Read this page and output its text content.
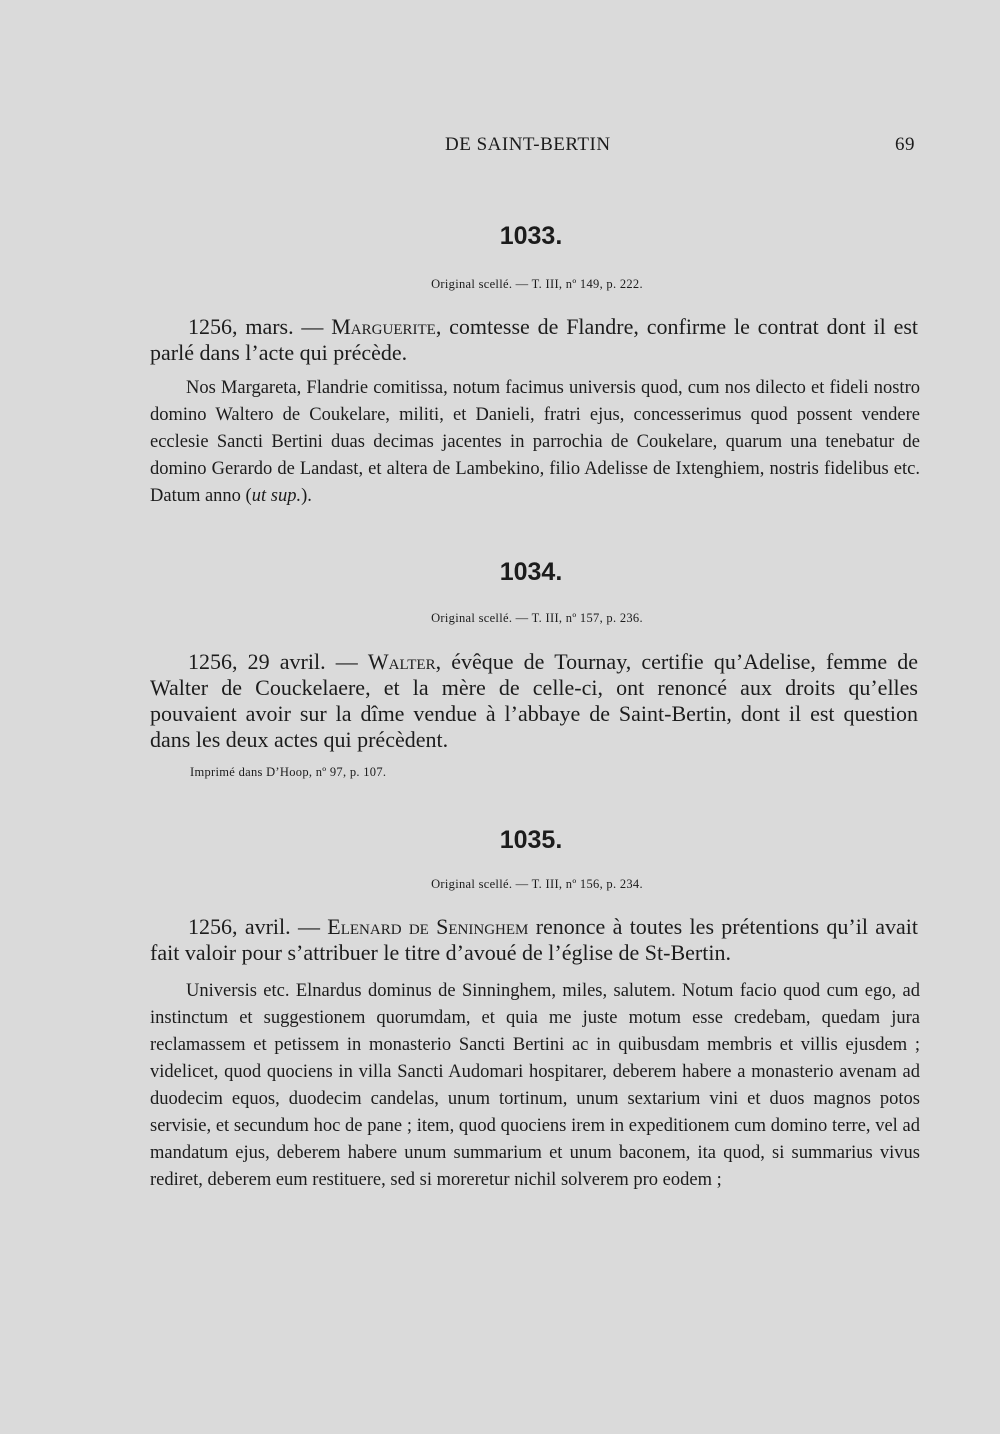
DE SAINT-BERTIN	69
1033.
Original scellé. — T. III, nº 149, p. 222.
1256, mars. — Marguerite, comtesse de Flandre, confirme le contrat dont il est parlé dans l’acte qui précède.
Nos Margareta, Flandrie comitissa, notum facimus universis quod, cum nos dilecto et fideli nostro domino Waltero de Coukelare, militi, et Danieli, fratri ejus, concesserimus quod possent vendere ecclesie Sancti Bertini duas decimas jacentes in parrochia de Coukelare, quarum una tenebatur de domino Gerardo de Landast, et altera de Lambekino, filio Adelisse de Ixtenghiem, nostris fidelibus etc. Datum anno (ut sup.).
1034.
Original scellé. — T. III, nº 157, p. 236.
1256, 29 avril. — Walter, évêque de Tournay, certifie qu’Adelise, femme de Walter de Couckelaere, et la mère de celle-ci, ont renoncé aux droits qu’elles pouvaient avoir sur la dîme vendue à l’abbaye de Saint-Bertin, dont il est question dans les deux actes qui précèdent.
Imprimé dans D’Hoop, nº 97, p. 107.
1035.
Original scellé. — T. III, nº 156, p. 234.
1256, avril. — Elenard de Seninghem renonce à toutes les prétentions qu’il avait fait valoir pour s’attribuer le titre d’avoué de l’église de St-Bertin.
Universis etc. Elnardus dominus de Sinninghem, miles, salutem. Notum facio quod cum ego, ad instinctum et suggestionem quorumdam, et quia me juste motum esse credebam, quedam jura reclamassem et petissem in monasterio Sancti Bertini ac in quibusdam membris et villis ejusdem ; videlicet, quod quociens in villa Sancti Audomari hospitarer, deberem habere a monasterio avenam ad duodecim equos, duodecim candelas, unum tortinum, unum sextarium vini et duos magnos potos servisie, et secundum hoc de pane ; item, quod quociens irem in expeditionem cum domino terre, vel ad mandatum ejus, deberem habere unum summarium et unum baconem, ita quod, si summarius vivus rediret, deberem eum restituere, sed si moreretur nichil solverem pro eodem ;
